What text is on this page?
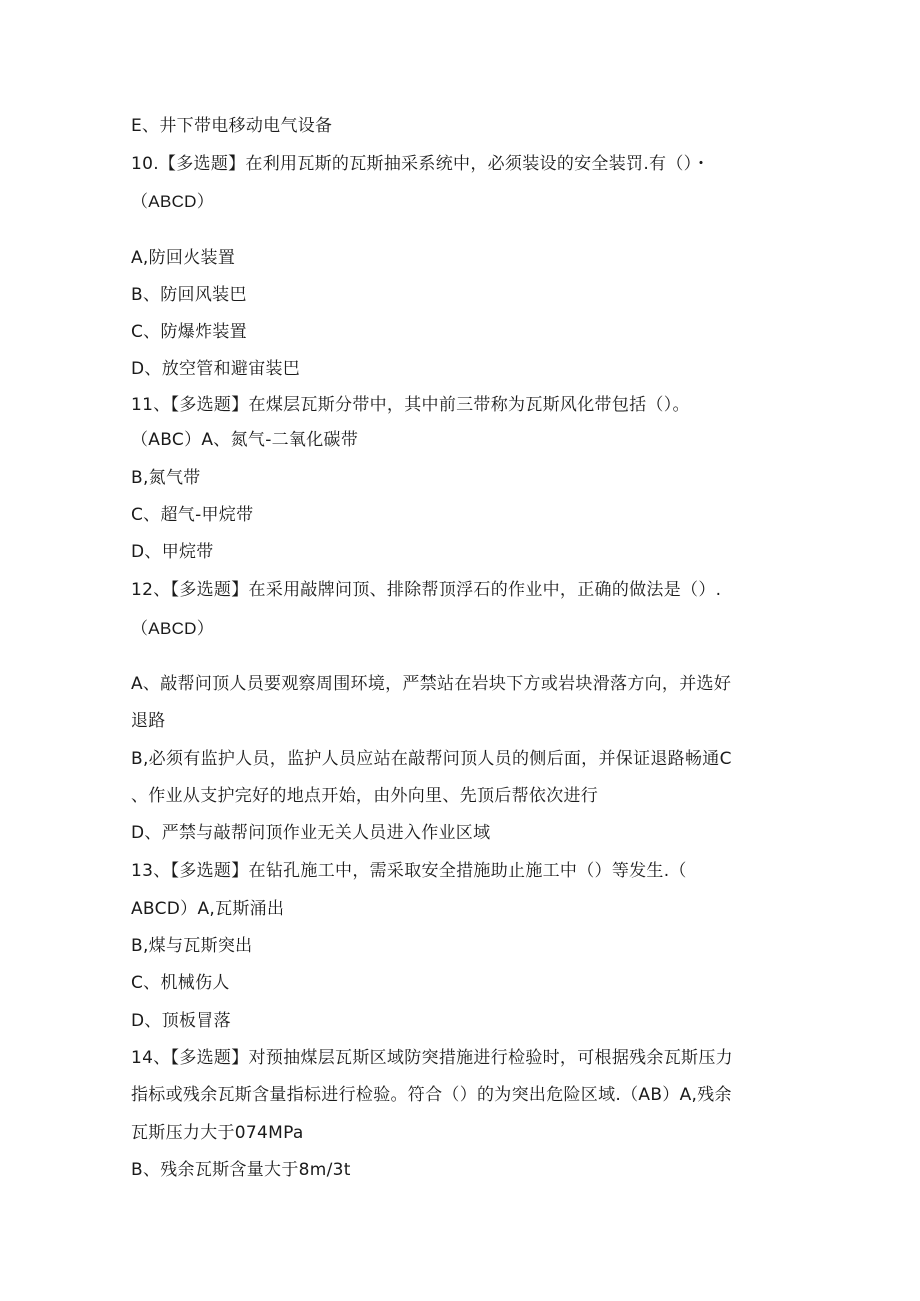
E、井下带电移动电气设备
10.【多选题】在利用瓦斯的瓦斯抽采系统中，必须装设的安全装罚.有（）・
（ABCD）
A,防回火装置
B、防回风装巴
C、防爆炸装置
D、放空管和避宙装巴
11、【多选题】在煤层瓦斯分带中，其中前三带称为瓦斯风化带包括（）。
（ABC）A、氮气-二氧化碳带
B,氮气带
C、超气-甲烷带
D、甲烷带
12、【多选题】在采用敲牌问顶、排除帮顶浮石的作业中，正确的做法是（）.
（ABCD）
A、敲帮问顶人员要观察周围环境，严禁站在岩块下方或岩块滑落方向，并选好
退路
B,必须有监护人员，监护人员应站在敲帮问顶人员的侧后面，并保证退路畅通C
、作业从支护完好的地点开始，由外向里、先顶后帮依次进行
D、严禁与敲帮问顶作业无关人员进入作业区域
13、【多选题】在钻孔施工中，需采取安全措施助止施工中（）等发生.（
ABCD）A,瓦斯涌出
B,煤与瓦斯突出
C、机械伤人
D、顶板冒落
14、【多选题】对预抽煤层瓦斯区域防突措施进行检验时，可根据残余瓦斯压力
指标或残余瓦斯含量指标进行检验。符合（）的为突出危险区域.（AB）A,残余
瓦斯压力大于074MPa
B、残余瓦斯含量大于8m∕3t
